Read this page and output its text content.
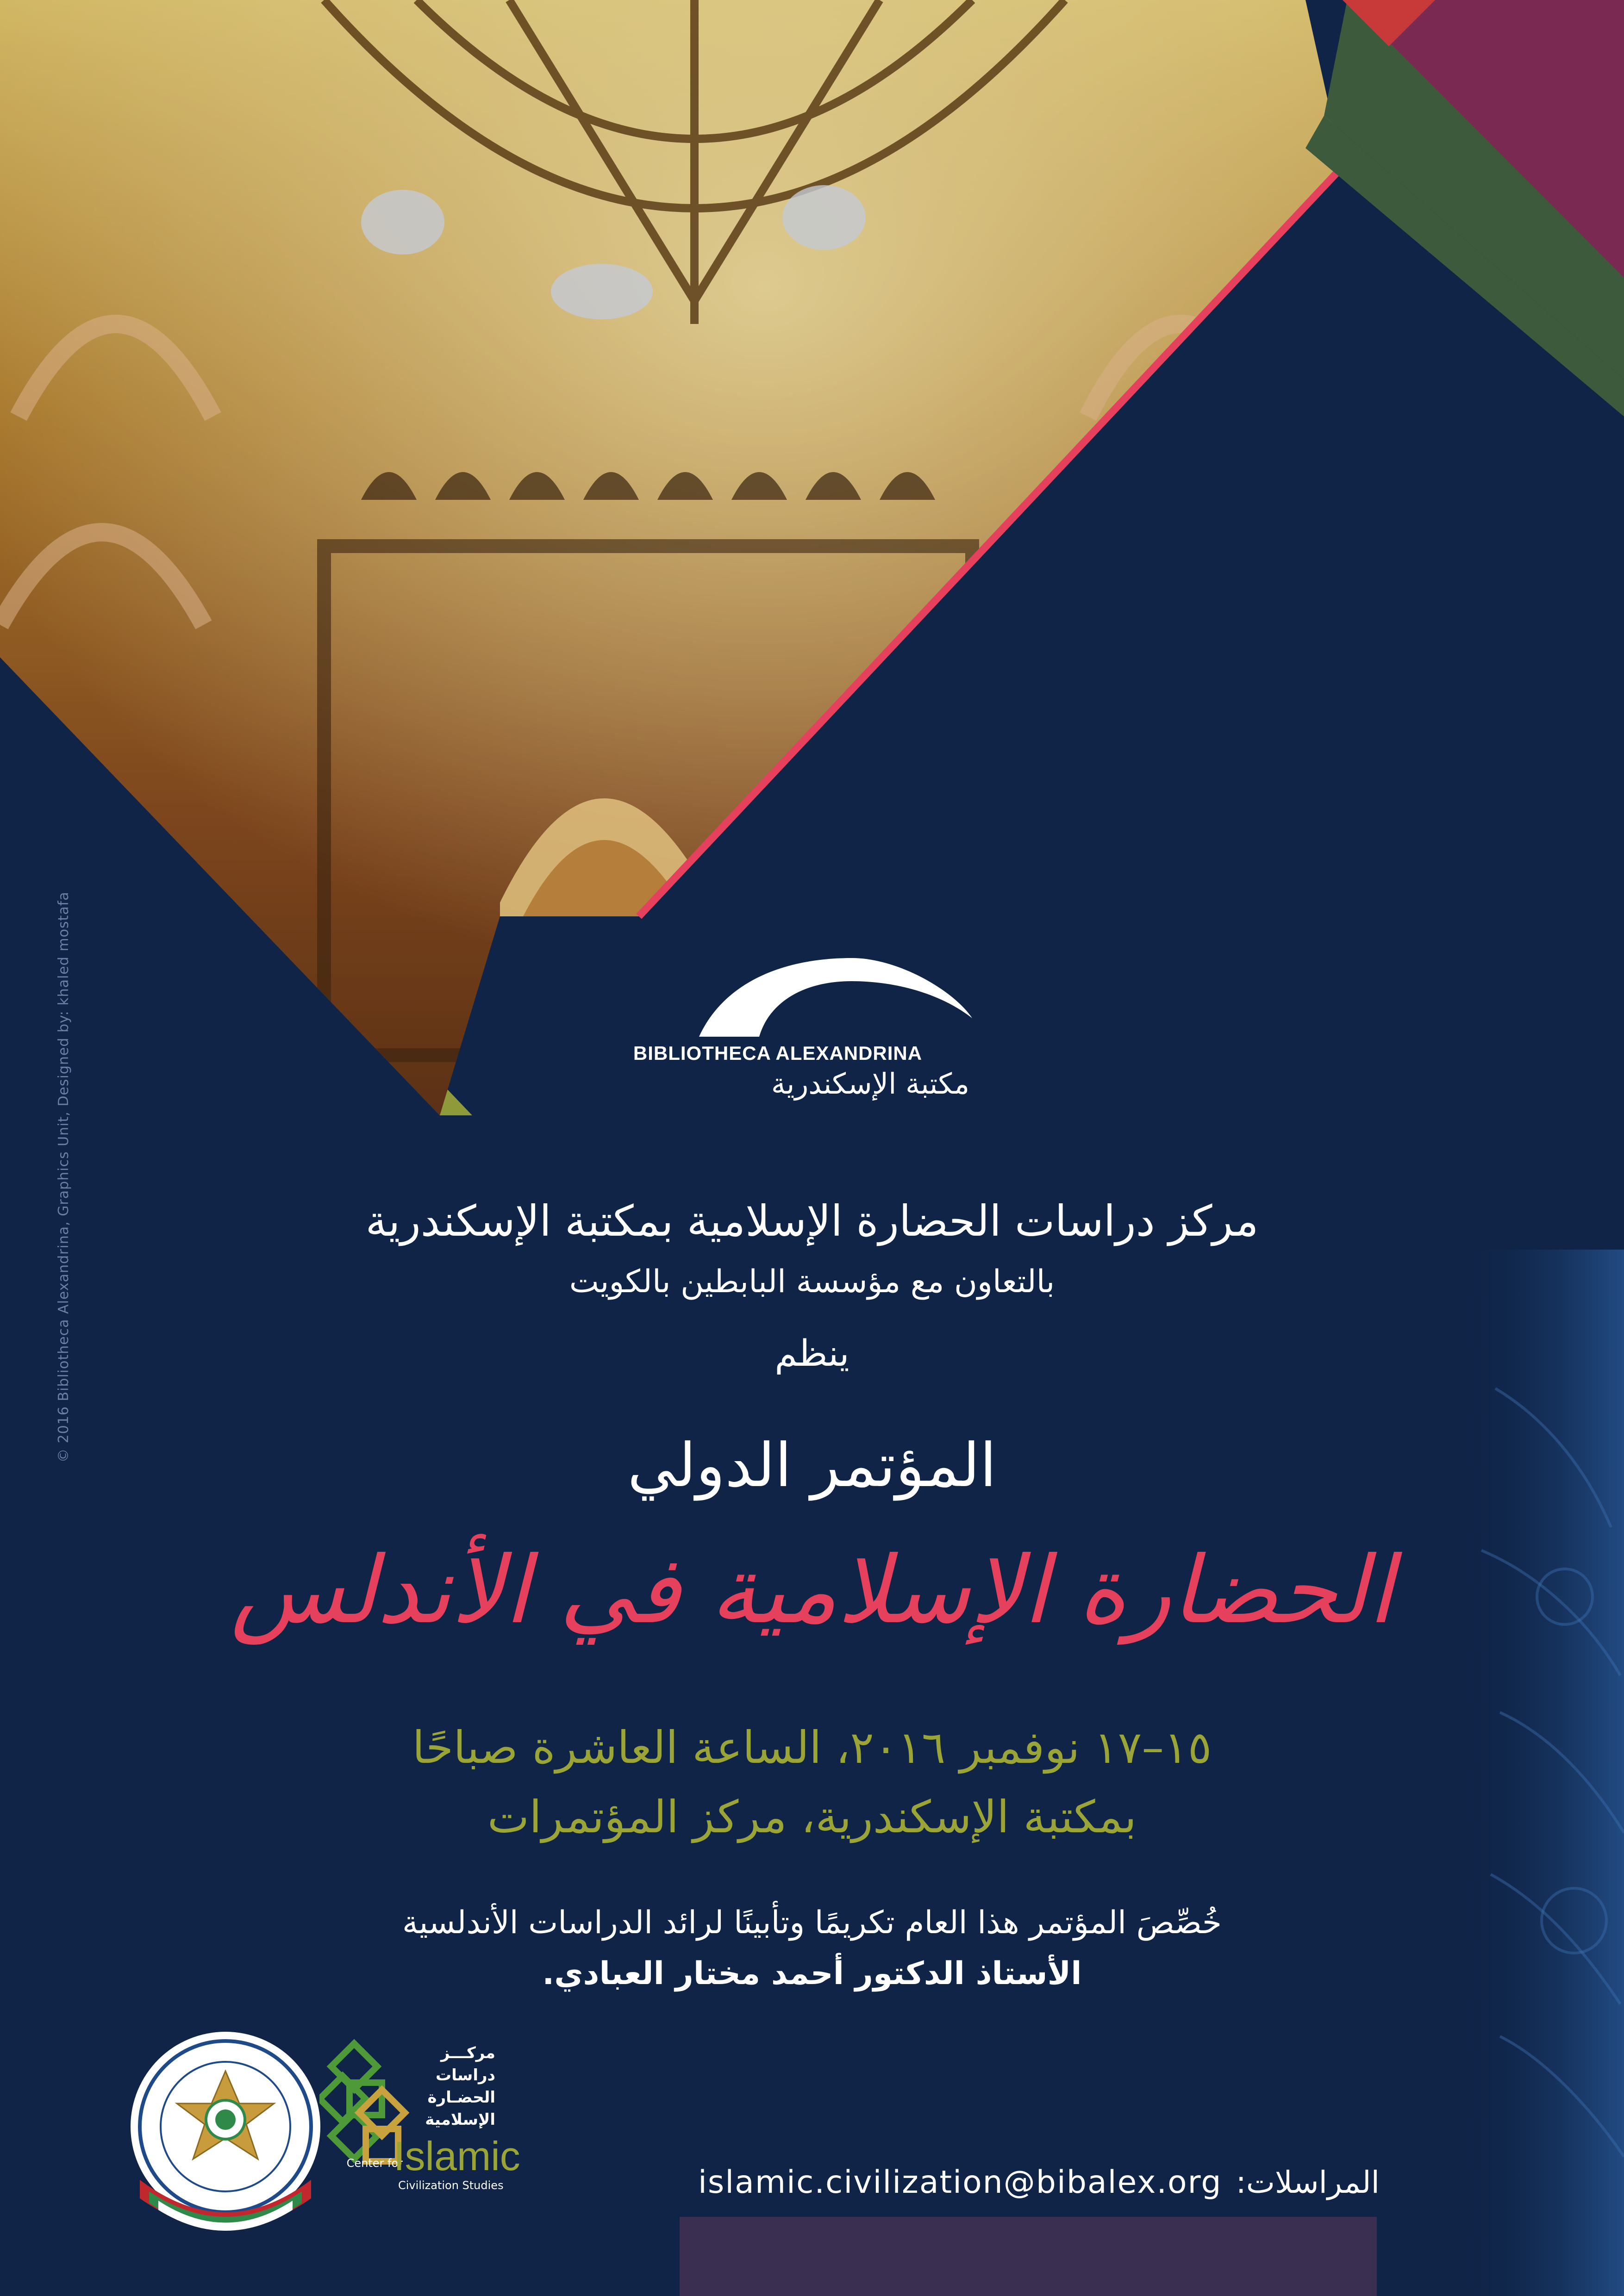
© 2016 Bibliotheca Alexandrina, Graphics Unit, Designed by: khaled mostafa	BIBLIOTHECA ALEXANDRINA
مكتبة الإسكندرية
مركز دراسات الحضارة الإسلامية بمكتبة الإسكندرية
بالتعاون مع مؤسسة البابطين بالكويت
ينظم
المؤتمر الدولي
الحضارة الإسلامية في الأندلس
١٥–١٧ نوفمبر ٢٠١٦، الساعة العاشرة صباحًا
بمكتبة الإسكندرية، مركز المؤتمرات
خُصِّصَ المؤتمر هذا العام تكريمًا وتأبينًا لرائد الدراسات الأندلسية
الأستاذ الدكتور أحمد مختار العبادي.
مركـــز
دراسات
الحضـارة
الإسلامية
Center for
Islamic
Civilization Studies	المراسلات:
islamic.civilization@bibalex.org
